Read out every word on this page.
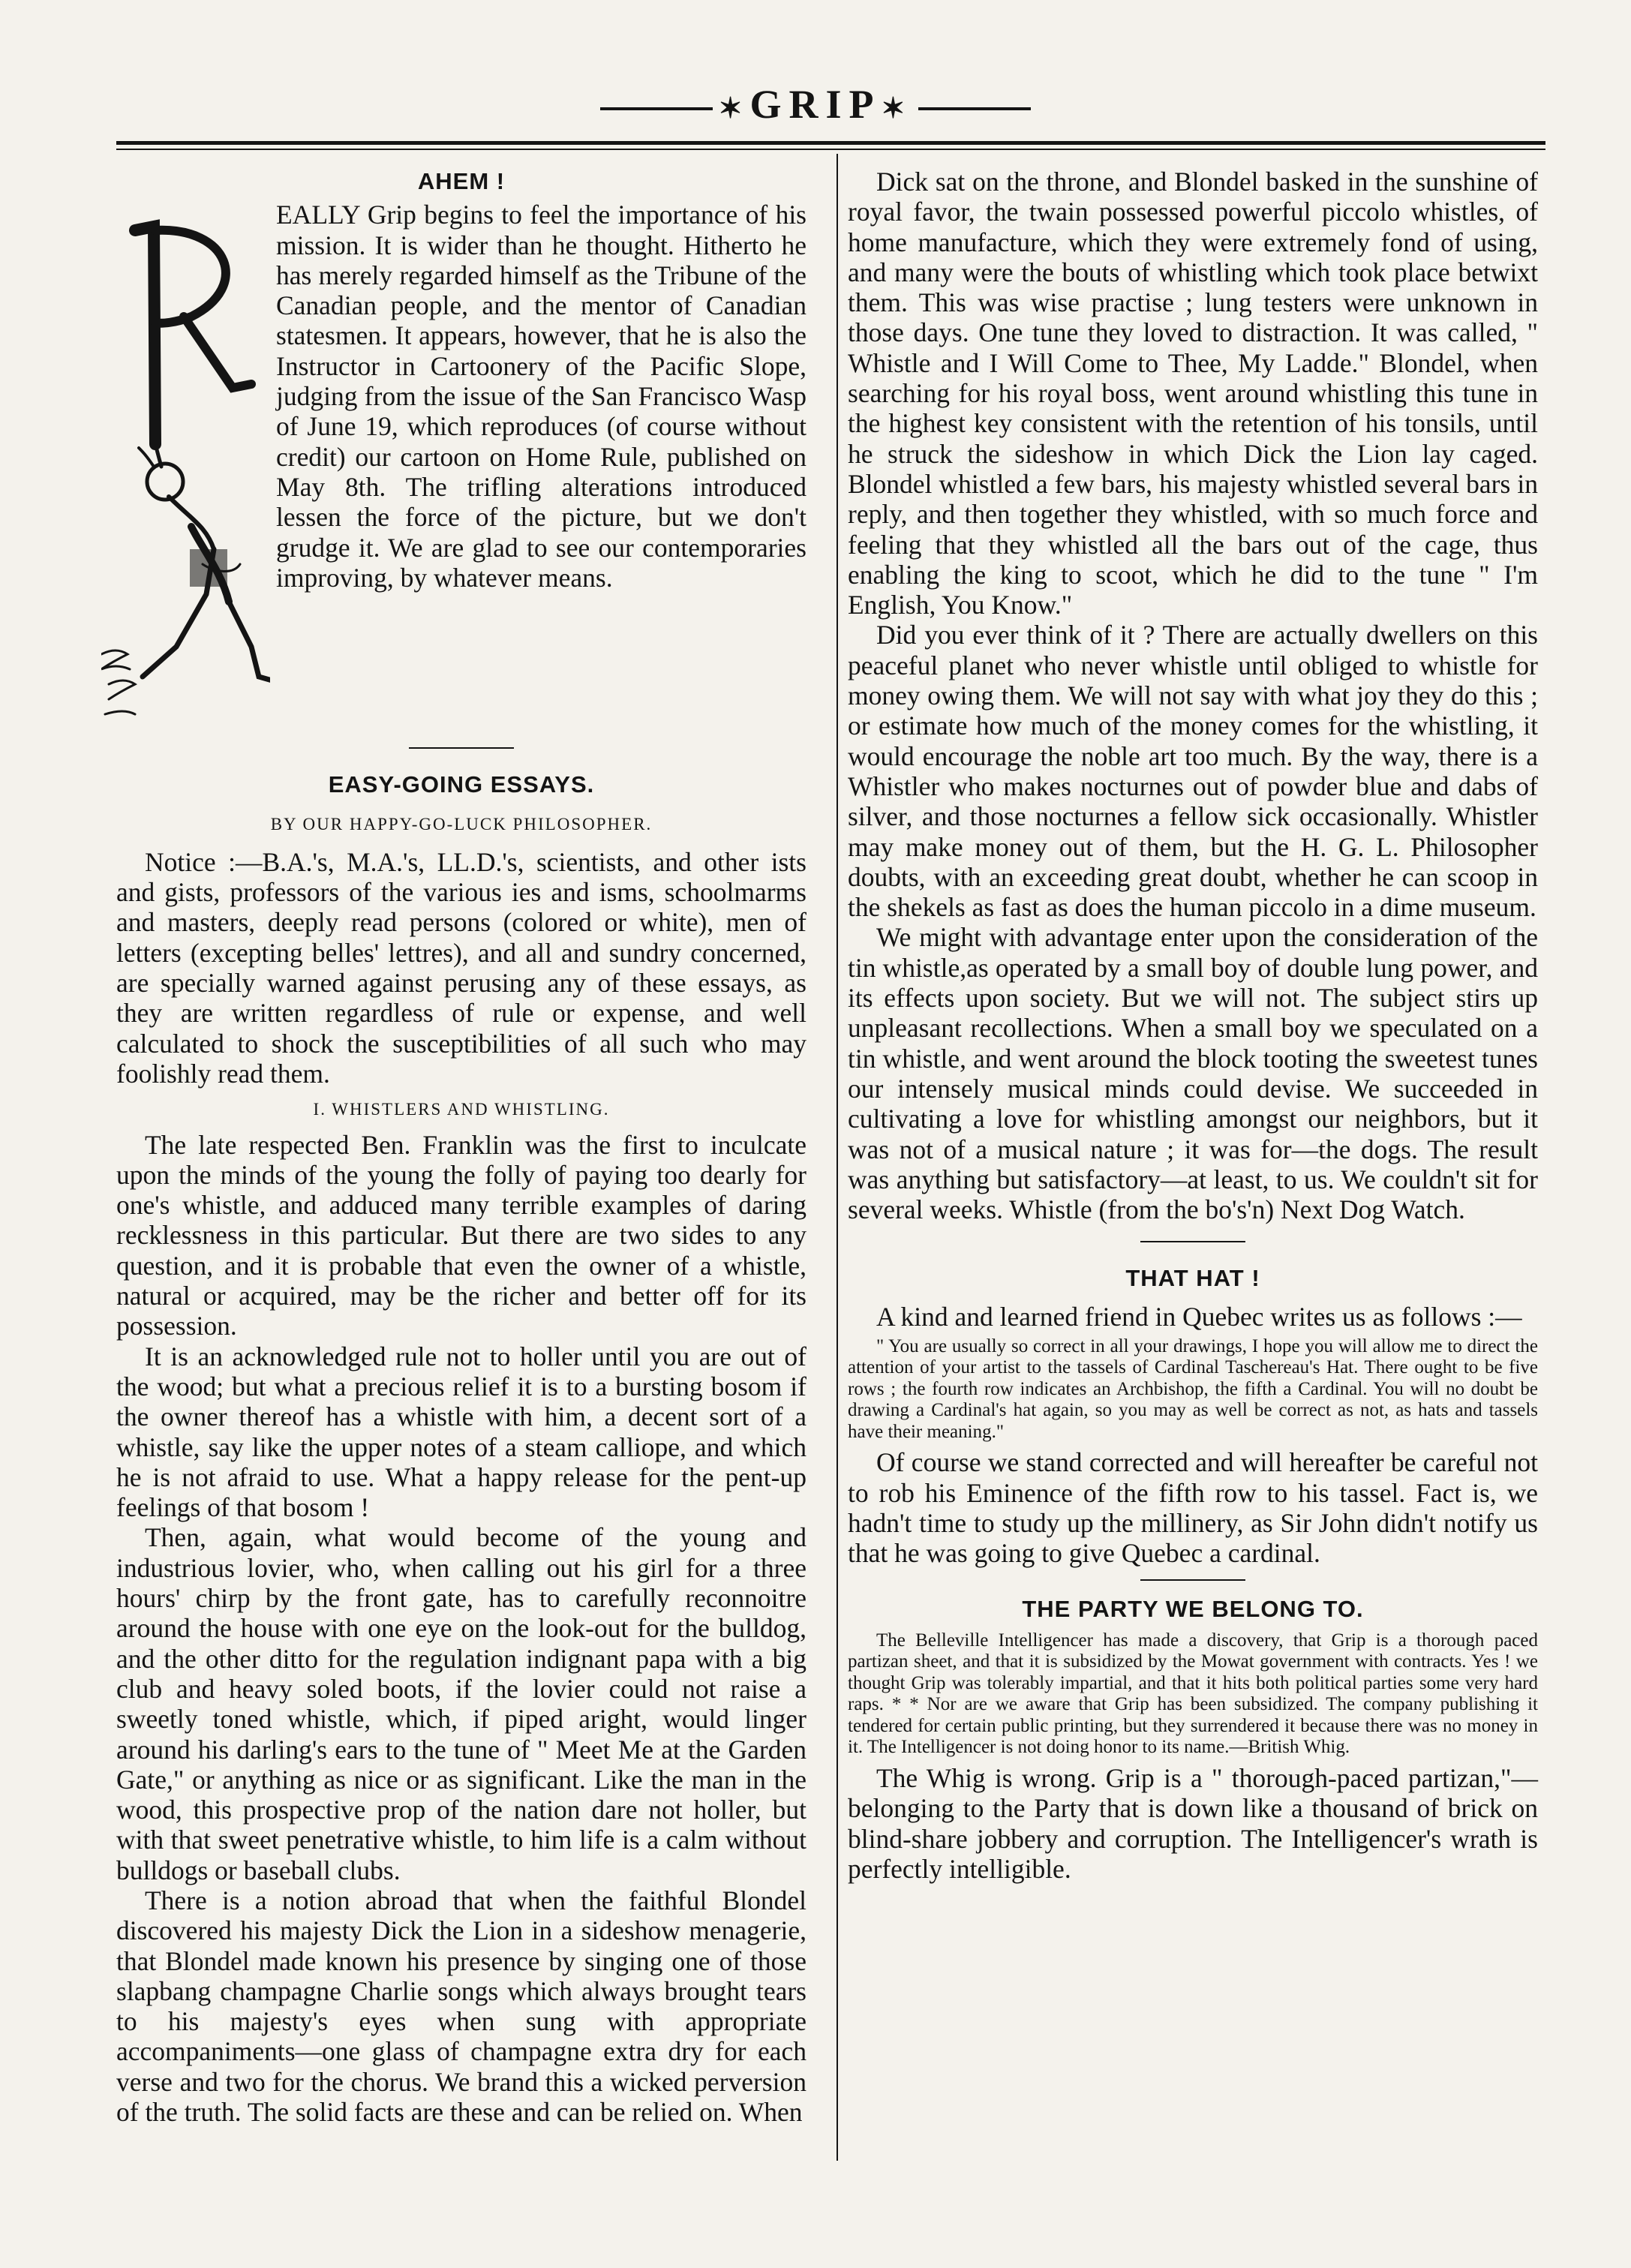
✶GRIP✶
AHEM !

EALLY Grip begins to feel the importance of his mission. It is wider than he thought. Hitherto he has merely regarded himself as the Tribune of the Canadian people, and the mentor of Canadian statesmen. It appears, however, that he is also the Instructor in Cartoonery of the Pacific Slope, judging from the issue of the San Francisco Wasp of June 19, which reproduces (of course without credit) our cartoon on Home Rule, published on May 8th. The trifling alterations introduced lessen the force of the picture, but we don't grudge it. We are glad to see our contemporaries improving, by whatever means.

EASY-GOING ESSAYS.
BY OUR HAPPY-GO-LUCK PHILOSOPHER.

Notice :—B.A.'s, M.A.'s, LL.D.'s, scientists, and other ists and gists, professors of the various ies and isms, schoolmarms and masters, deeply read persons (colored or white), men of letters (excepting belles' lettres), and all and sundry concerned, are specially warned against perusing any of these essays, as they are written regardless of rule or expense, and well calculated to shock the susceptibilities of all such who may foolishly read them.

I. WHISTLERS AND WHISTLING.

The late respected Ben. Franklin was the first to inculcate upon the minds of the young the folly of paying too dearly for one's whistle, and adduced many terrible examples of daring recklessness in this particular. But there are two sides to any question, and it is probable that even the owner of a whistle, natural or acquired, may be the richer and better off for its possession.

It is an acknowledged rule not to holler until you are out of the wood; but what a precious relief it is to a bursting bosom if the owner thereof has a whistle with him, a decent sort of a whistle, say like the upper notes of a steam calliope, and which he is not afraid to use. What a happy release for the pent-up feelings of that bosom !

Then, again, what would become of the young and industrious lovier, who, when calling out his girl for a three hours' chirp by the front gate, has to carefully reconnoitre around the house with one eye on the look-out for the bulldog, and the other ditto for the regulation indignant papa with a big club and heavy soled boots, if the lovier could not raise a sweetly toned whistle, which, if piped aright, would linger around his darling's ears to the tune of " Meet Me at the Garden Gate," or anything as nice or as significant. Like the man in the wood, this prospective prop of the nation dare not holler, but with that sweet penetrative whistle, to him life is a calm without bulldogs or baseball clubs.

There is a notion abroad that when the faithful Blondel discovered his majesty Dick the Lion in a sideshow menagerie, that Blondel made known his presence by singing one of those slapbang champagne Charlie songs which always brought tears to his majesty's eyes when sung with appropriate accompaniments—one glass of champagne extra dry for each verse and two for the chorus. We brand this a wicked perversion of the truth. The solid facts are these and can be relied on. When

Dick sat on the throne, and Blondel basked in the sunshine of royal favor, the twain possessed powerful piccolo whistles, of home manufacture, which they were extremely fond of using, and many were the bouts of whistling which took place betwixt them. This was wise practise ; lung testers were unknown in those days. One tune they loved to distraction. It was called, " Whistle and I Will Come to Thee, My Ladde." Blondel, when searching for his royal boss, went around whistling this tune in the highest key consistent with the retention of his tonsils, until he struck the sideshow in which Dick the Lion lay caged. Blondel whistled a few bars, his majesty whistled several bars in reply, and then together they whistled, with so much force and feeling that they whistled all the bars out of the cage, thus enabling the king to scoot, which he did to the tune " I'm English, You Know."

Did you ever think of it ? There are actually dwellers on this peaceful planet who never whistle until obliged to whistle for money owing them. We will not say with what joy they do this ; or estimate how much of the money comes for the whistling, it would encourage the noble art too much. By the way, there is a Whistler who makes nocturnes out of powder blue and dabs of silver, and those nocturnes a fellow sick occasionally. Whistler may make money out of them, but the H. G. L. Philosopher doubts, with an exceeding great doubt, whether he can scoop in the shekels as fast as does the human piccolo in a dime museum.

We might with advantage enter upon the consideration of the tin whistle,as operated by a small boy of double lung power, and its effects upon society. But we will not. The subject stirs up unpleasant recollections. When a small boy we speculated on a tin whistle, and went around the block tooting the sweetest tunes our intensely musical minds could devise. We succeeded in cultivating a love for whistling amongst our neighbors, but it was not of a musical nature ; it was for—the dogs. The result was anything but satisfactory—at least, to us. We couldn't sit for several weeks. Whistle (from the bo's'n) Next Dog Watch.

THAT HAT !

A kind and learned friend in Quebec writes us as follows :—

" You are usually so correct in all your drawings, I hope you will allow me to direct the attention of your artist to the tassels of Cardinal Taschereau's Hat. There ought to be five rows ; the fourth row indicates an Archbishop, the fifth a Cardinal. You will no doubt be drawing a Cardinal's hat again, so you may as well be correct as not, as hats and tassels have their meaning."

Of course we stand corrected and will hereafter be careful not to rob his Eminence of the fifth row to his tassel. Fact is, we hadn't time to study up the millinery, as Sir John didn't notify us that he was going to give Quebec a cardinal.

THE PARTY WE BELONG TO.

The Belleville Intelligencer has made a discovery, that Grip is a thorough paced partizan sheet, and that it is subsidized by the Mowat government with contracts. Yes ! we thought Grip was tolerably impartial, and that it hits both political parties some very hard raps. * * Nor are we aware that Grip has been subsidized. The company publishing it tendered for certain public printing, but they surrendered it because there was no money in it. The Intelligencer is not doing honor to its name.—British Whig.

The Whig is wrong. Grip is a " thorough-paced partizan,"—belonging to the Party that is down like a thousand of brick on blind-share jobbery and corruption. The Intelligencer's wrath is perfectly intelligible.
